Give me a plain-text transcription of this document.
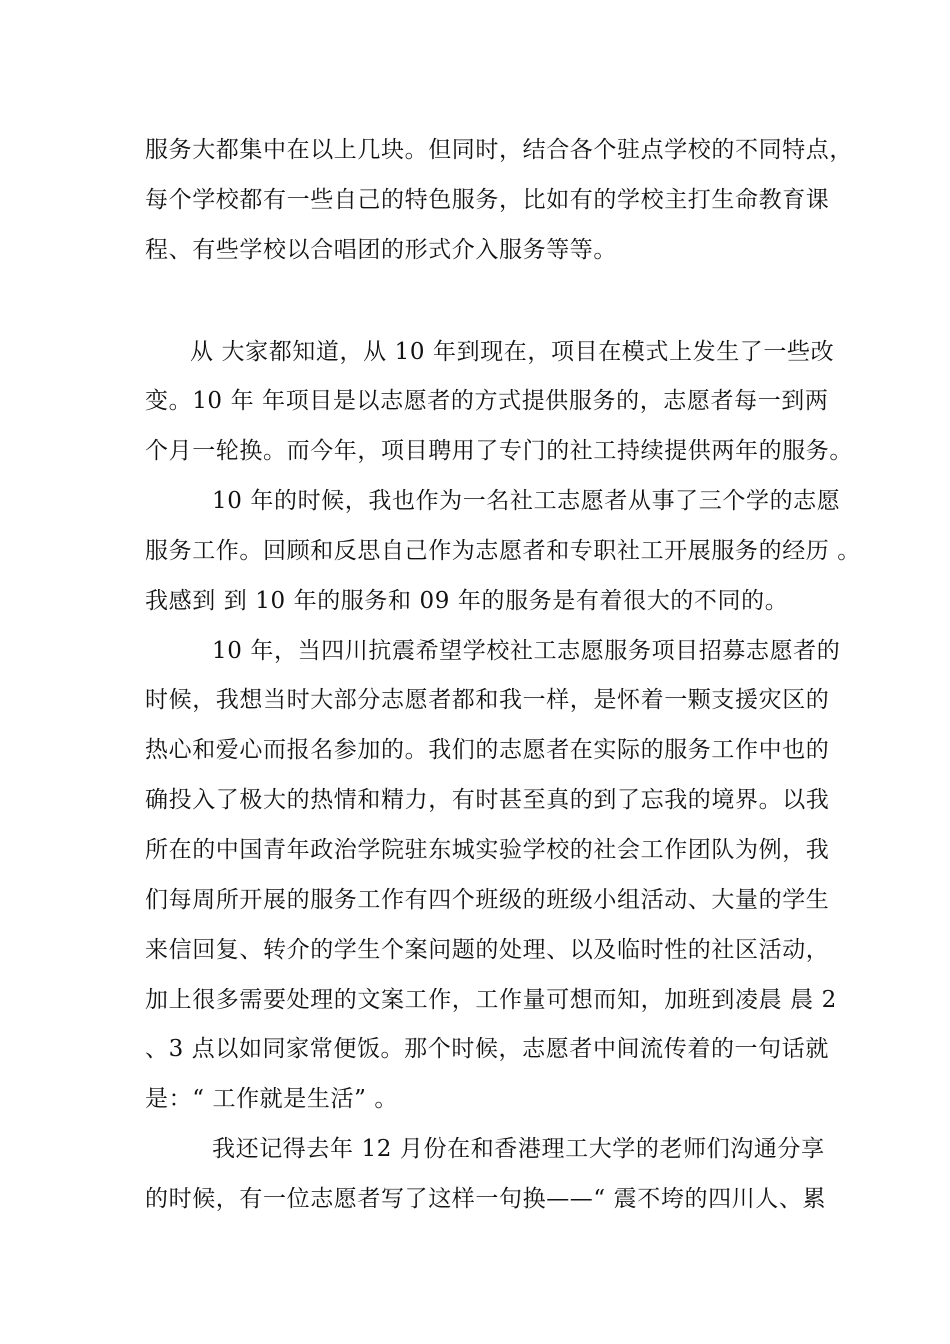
服务大都集中在以上几块。但同时，结合各个驻点学校的不同特点，
每个学校都有一些自己的特色服务，比如有的学校主打生命教育课
程、有些学校以合唱团的形式介入服务等等。
从 大家都知道，从 10 年到现在，项目在模式上发生了一些改
变。10 年 年项目是以志愿者的方式提供服务的，志愿者每一到两
个月一轮换。而今年，项目聘用了专门的社工持续提供两年的服务。
10 年的时候，我也作为一名社工志愿者从事了三个学的志愿
服务工作。回顾和反思自己作为志愿者和专职社工开展服务的经历 。
我感到 到 10 年的服务和 09 年的服务是有着很大的不同的。
10 年，当四川抗震希望学校社工志愿服务项目招募志愿者的
时候，我想当时大部分志愿者都和我一样，是怀着一颗支援灾区的
热心和爱心而报名参加的。我们的志愿者在实际的服务工作中也的
确投入了极大的热情和精力，有时甚至真的到了忘我的境界。以我
所在的中国青年政治学院驻东城实验学校的社会工作团队为例，我
们每周所开展的服务工作有四个班级的班级小组活动、大量的学生
来信回复、转介的学生个案问题的处理、以及临时性的社区活动，
加上很多需要处理的文案工作，工作量可想而知，加班到凌晨 晨 2
、3 点以如同家常便饭。那个时候，志愿者中间流传着的一句话就
是：“ 工作就是生活” 。
我还记得去年 12 月份在和香港理工大学的老师们沟通分享
的时候，有一位志愿者写了这样一句换——“ 震不垮的四川人、累
